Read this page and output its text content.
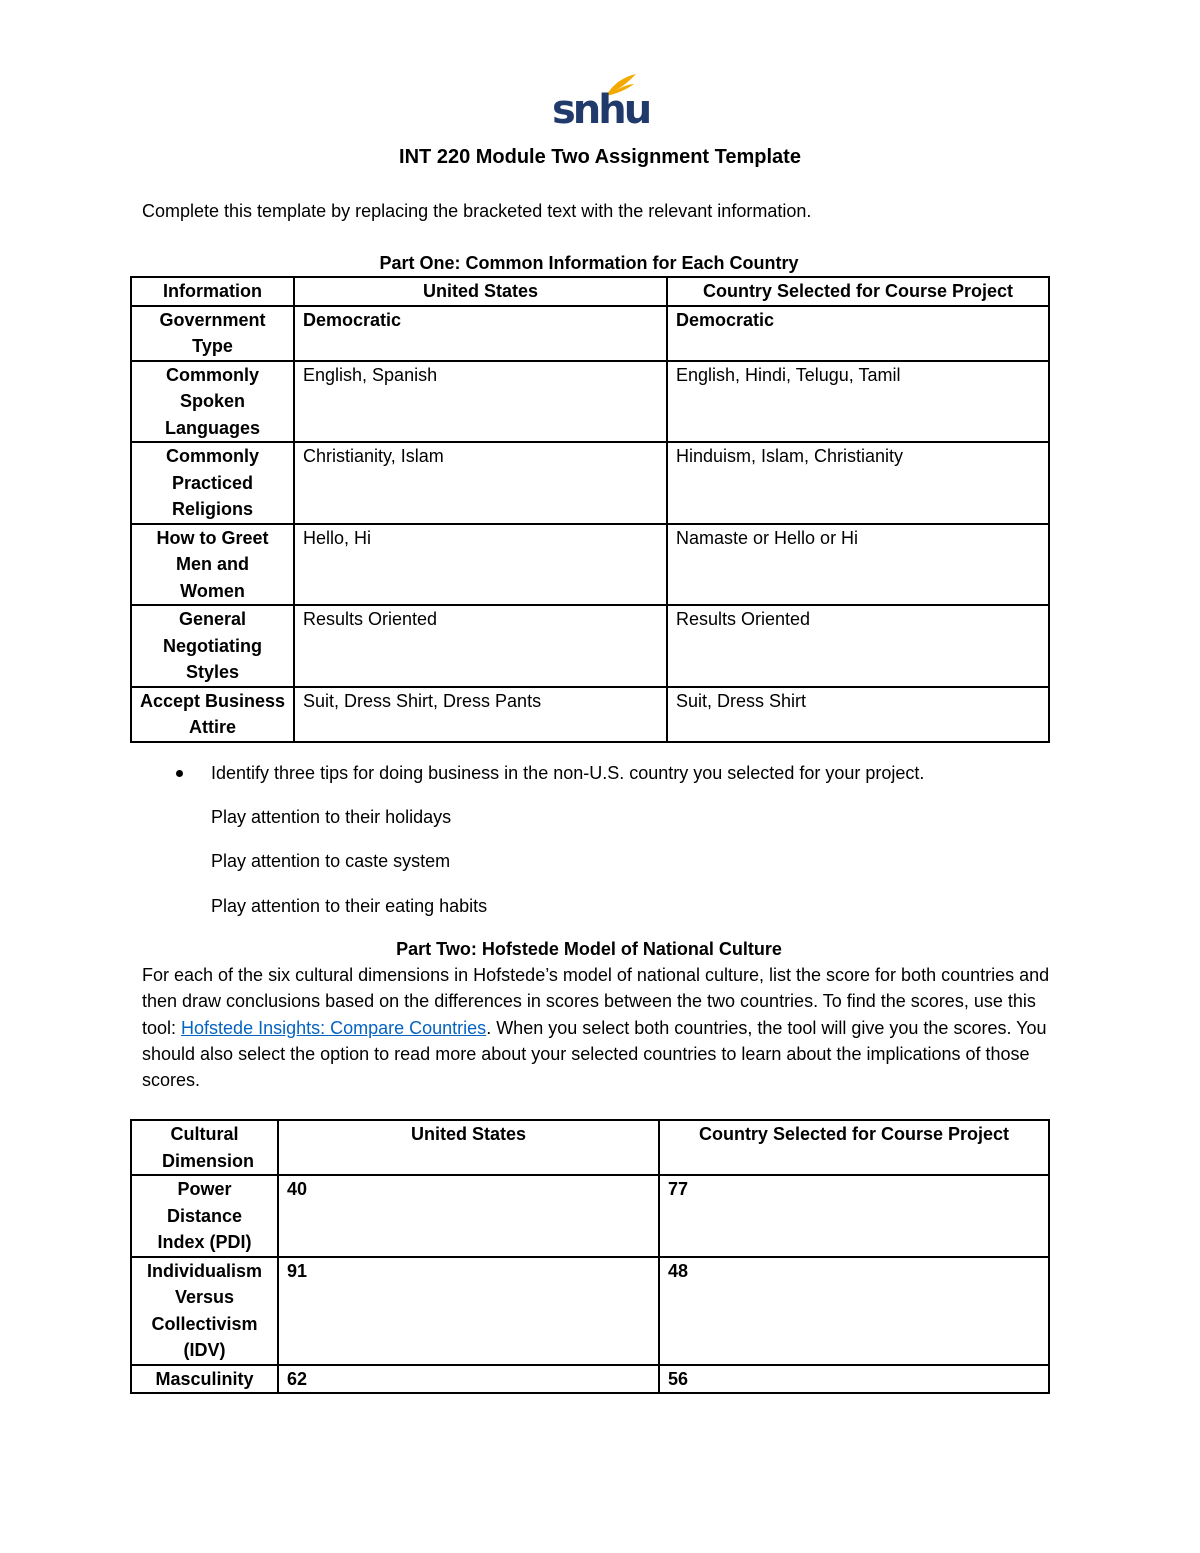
snhu
INT 220 Module Two Assignment Template
Complete this template by replacing the bracketed text with the relevant information.
Part One: Common Information for Each Country
Information	United States	Country Selected for Course Project
Government Type	Democratic	Democratic
Commonly Spoken Languages	English, Spanish	English, Hindi, Telugu, Tamil
Commonly Practiced Religions	Christianity, Islam	Hinduism, Islam, Christianity
How to Greet Men and Women	Hello, Hi	Namaste or Hello or Hi
General Negotiating Styles	Results Oriented	Results Oriented
Accept Business Attire	Suit, Dress Shirt, Dress Pants	Suit, Dress Shirt
Identify three tips for doing business in the non-U.S. country you selected for your project.
Play attention to their holidays
Play attention to caste system
Play attention to their eating habits
Part Two: Hofstede Model of National Culture
For each of the six cultural dimensions in Hofstede’s model of national culture, list the score for both countries and then draw conclusions based on the differences in scores between the two countries. To find the scores, use this tool: Hofstede Insights: Compare Countries. When you select both countries, the tool will give you the scores. You should also select the option to read more about your selected countries to learn about the implications of those scores.
Cultural Dimension	United States	Country Selected for Course Project
Power Distance Index (PDI)	40	77
Individualism Versus Collectivism (IDV)	91	48
Masculinity	62	56
